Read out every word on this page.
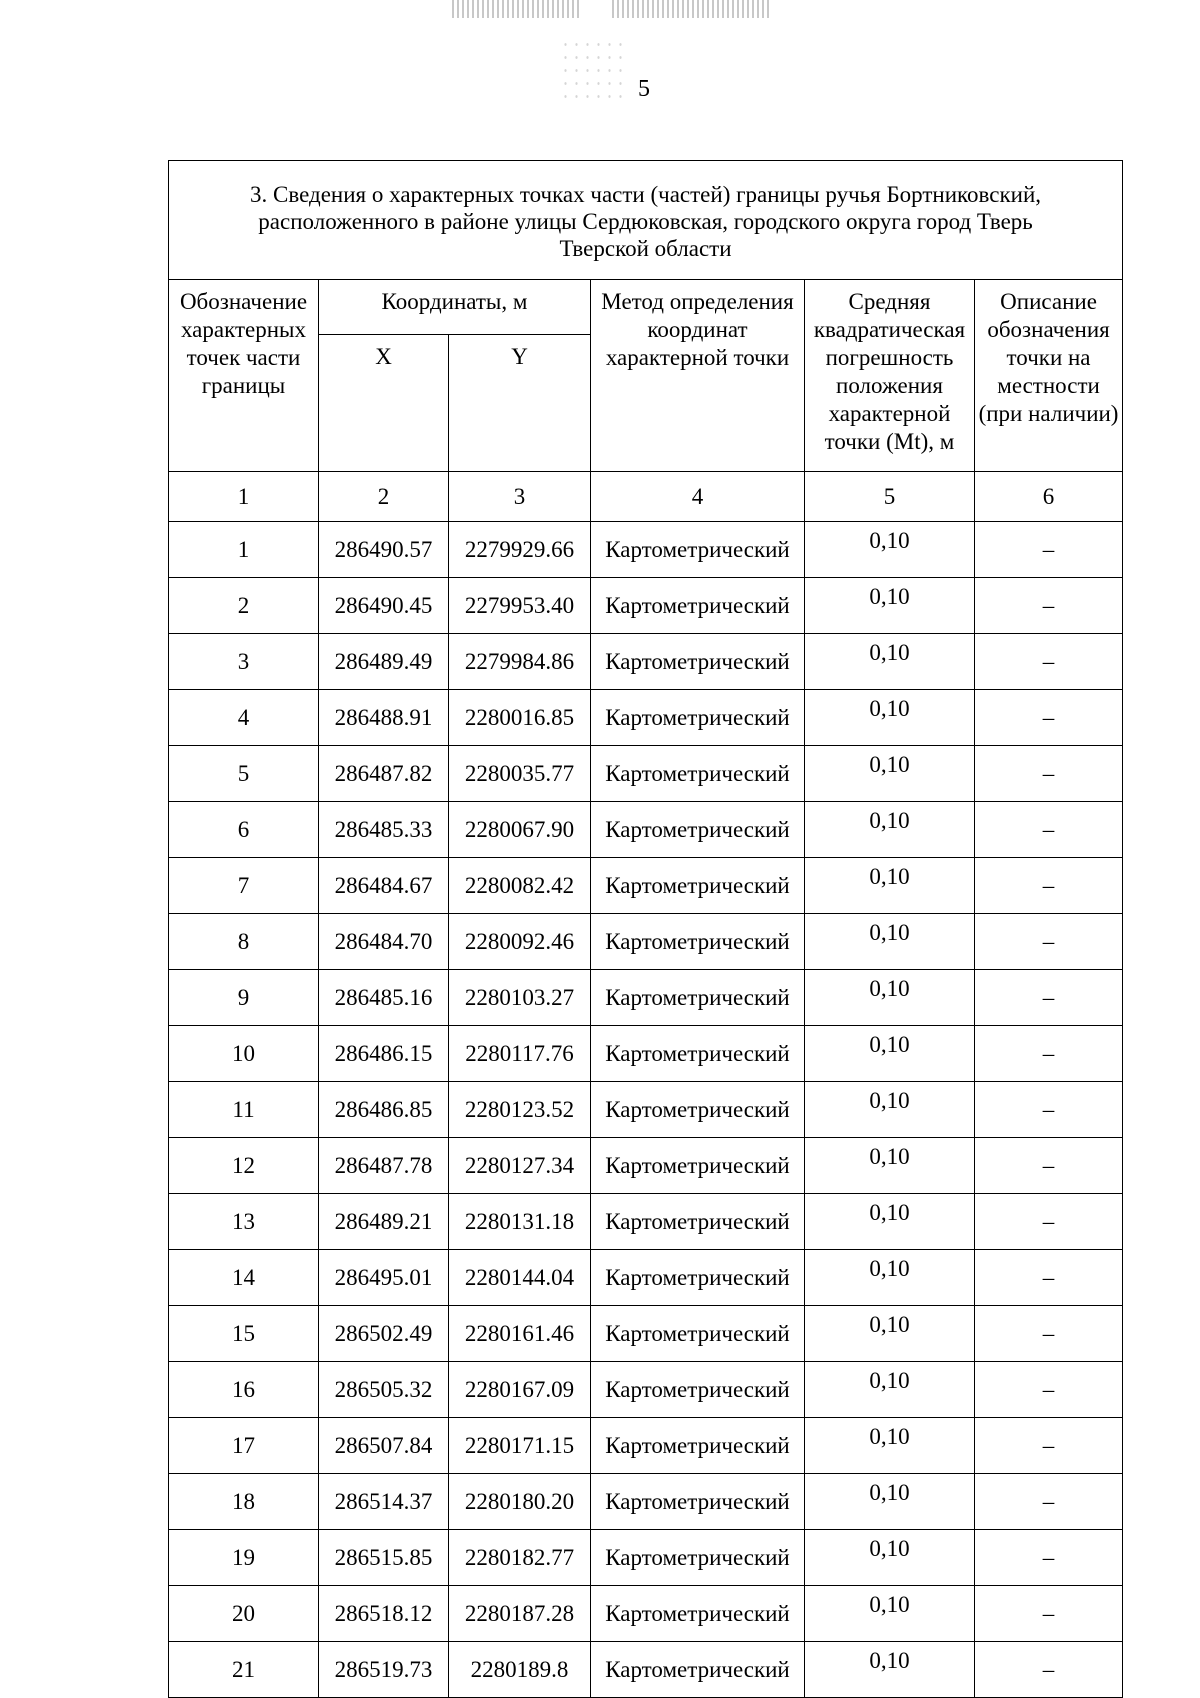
5
3. Сведения о характерных точках части (частей) границы ручья Бортниковский, расположенного в районе улицы Сердюковская, городского округа город Тверь Тверской области					
Обозначение характерных точек части границы	Координаты, м		Метод определения координат характерной точки	Средняя квадратическая погрешность положения характерной точки (Mt), м	Описание обозначения точки на местности (при наличии)
	X	Y			
1	2	3	4	5	6
1	286490.57	2279929.66	Картометрический	0,10	–
2	286490.45	2279953.40	Картометрический	0,10	–
3	286489.49	2279984.86	Картометрический	0,10	–
4	286488.91	2280016.85	Картометрический	0,10	–
5	286487.82	2280035.77	Картометрический	0,10	–
6	286485.33	2280067.90	Картометрический	0,10	–
7	286484.67	2280082.42	Картометрический	0,10	–
8	286484.70	2280092.46	Картометрический	0,10	–
9	286485.16	2280103.27	Картометрический	0,10	–
10	286486.15	2280117.76	Картометрический	0,10	–
11	286486.85	2280123.52	Картометрический	0,10	–
12	286487.78	2280127.34	Картометрический	0,10	–
13	286489.21	2280131.18	Картометрический	0,10	–
14	286495.01	2280144.04	Картометрический	0,10	–
15	286502.49	2280161.46	Картометрический	0,10	–
16	286505.32	2280167.09	Картометрический	0,10	–
17	286507.84	2280171.15	Картометрический	0,10	–
18	286514.37	2280180.20	Картометрический	0,10	–
19	286515.85	2280182.77	Картометрический	0,10	–
20	286518.12	2280187.28	Картометрический	0,10	–
21	286519.73	2280189.8	Картометрический	0,10	–
